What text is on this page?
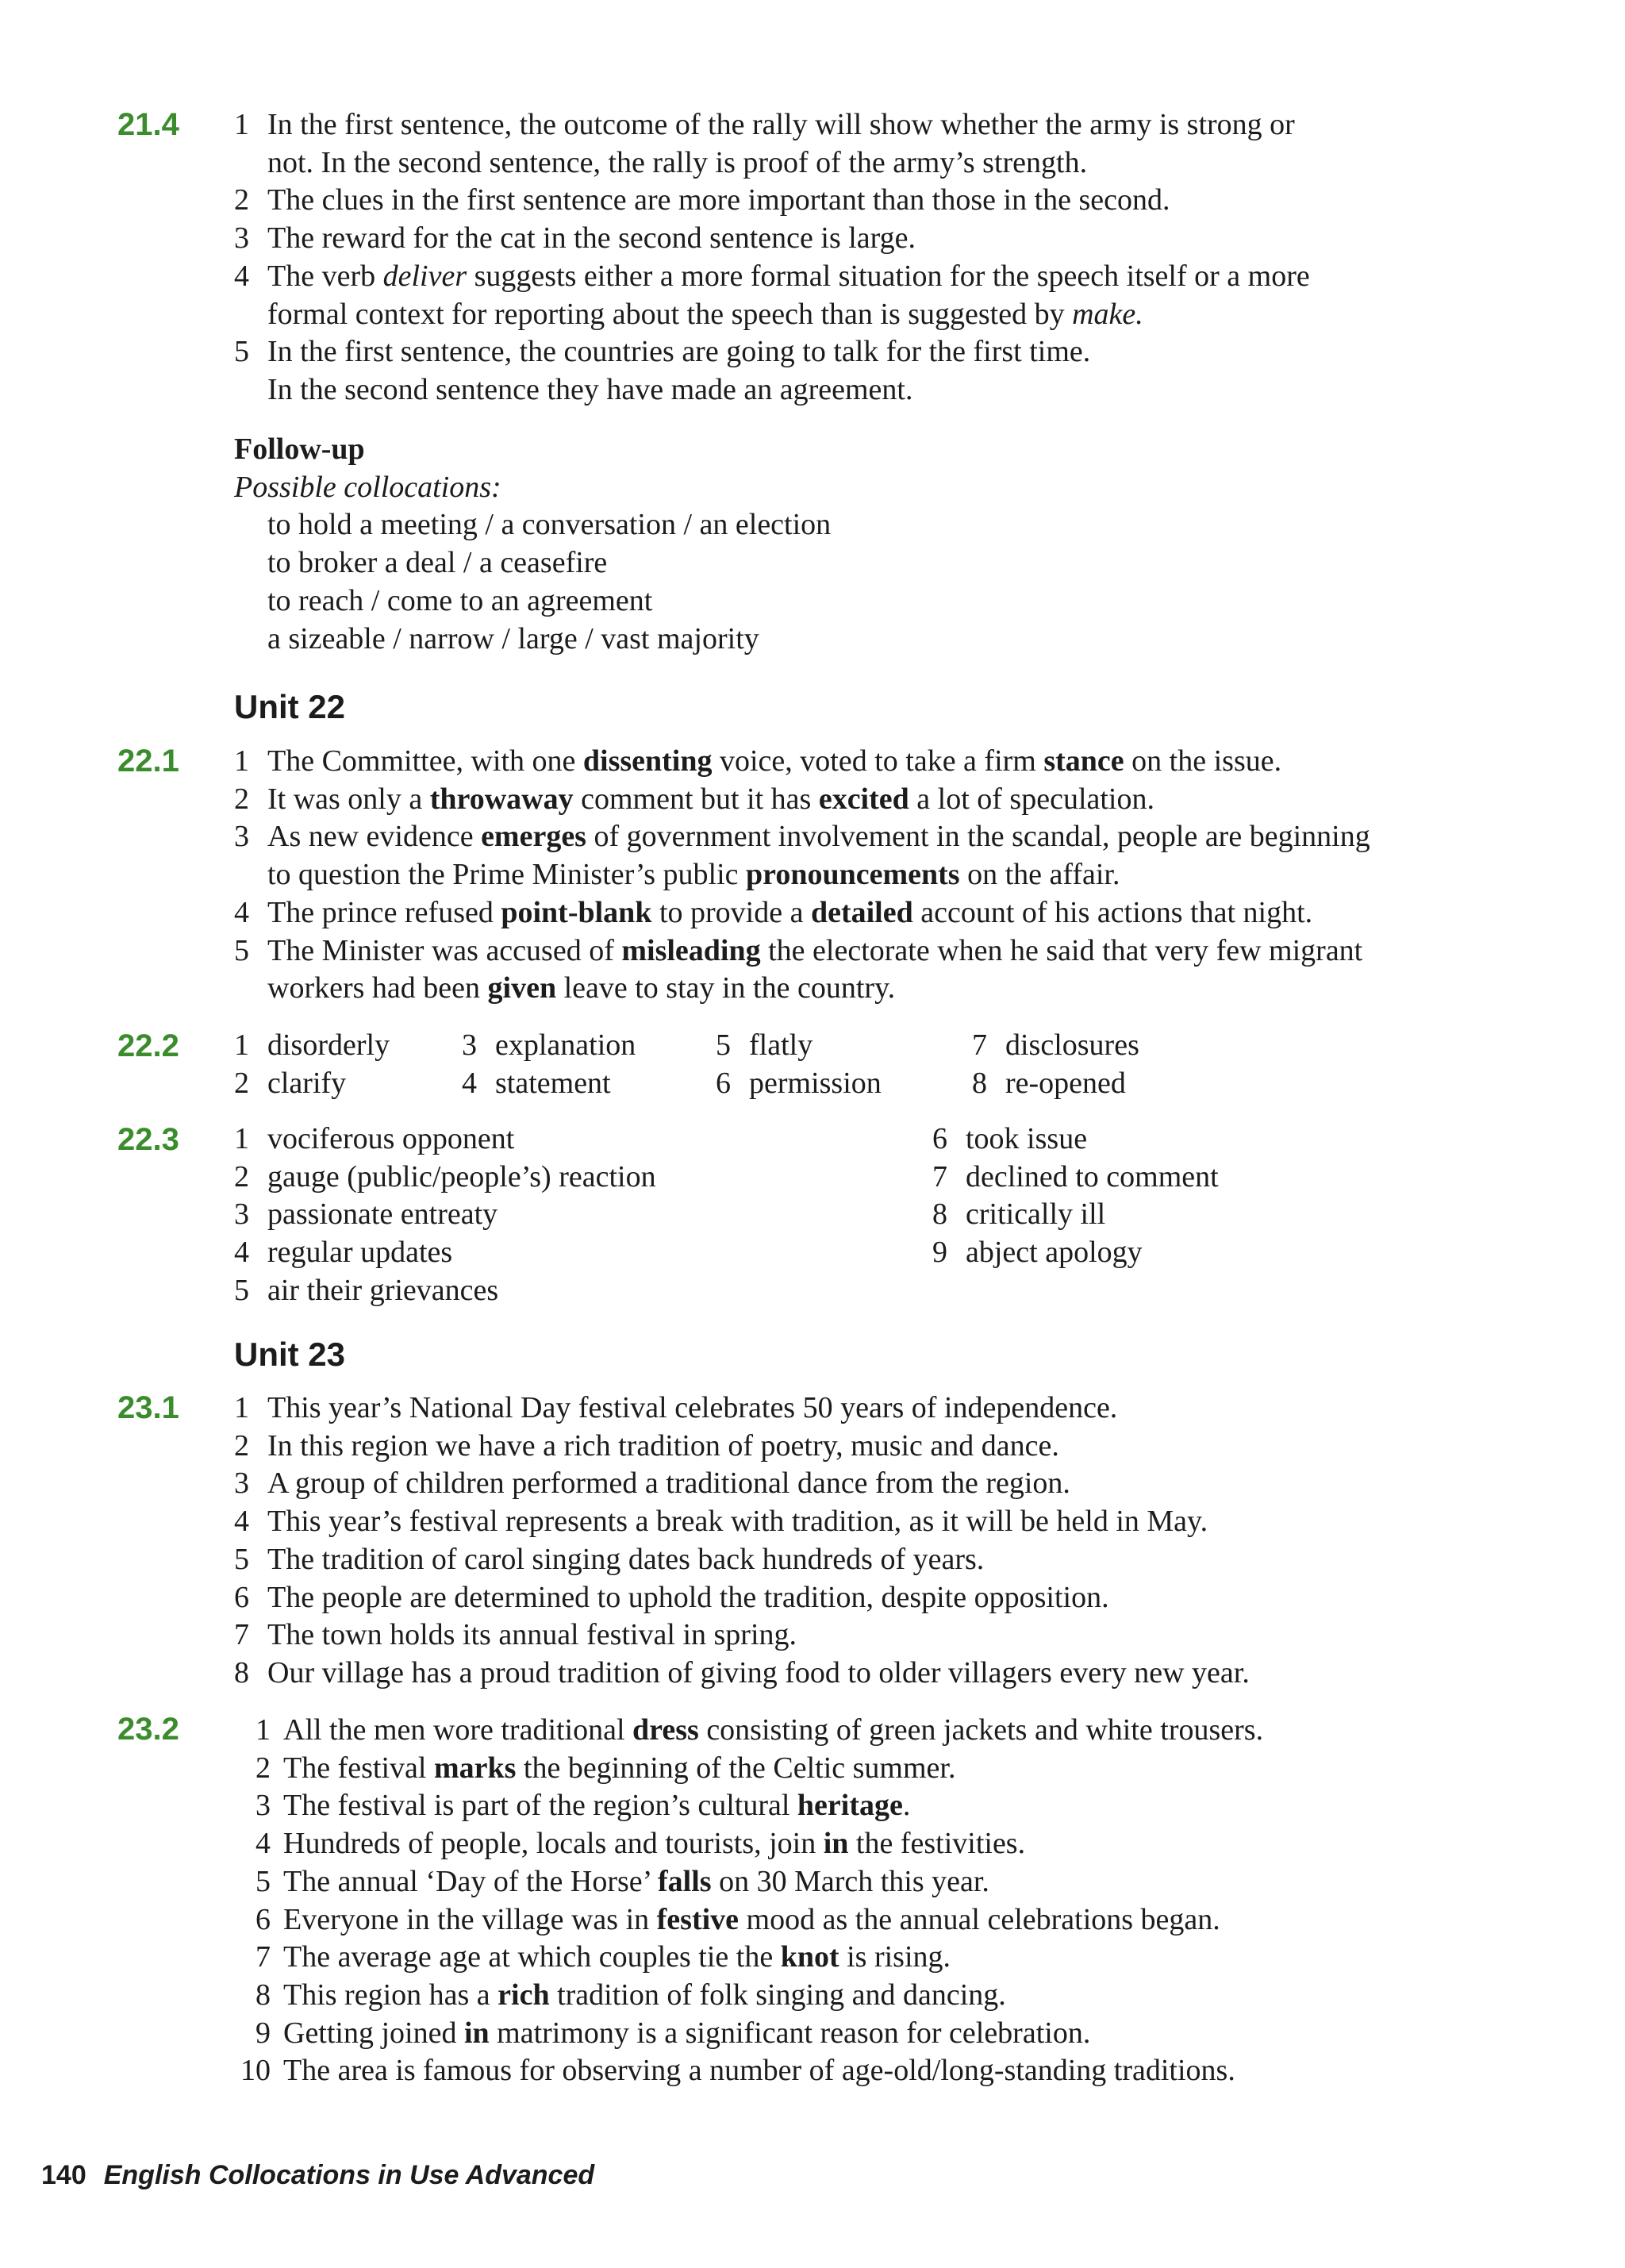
21.4	1 In the first sentence, the outcome of the rally will show whether the army is strong or
not. In the second sentence, the rally is proof of the army’s strength.
2 The clues in the first sentence are more important than those in the second.
3 The reward for the cat in the second sentence is large.
4 The verb deliver suggests either a more formal situation for the speech itself or a more
formal context for reporting about the speech than is suggested by make.
5 In the first sentence, the countries are going to talk for the first time.
In the second sentence they have made an agreement.
Follow-up
Possible collocations:
to hold a meeting / a conversation / an election
to broker a deal / a ceasefire
to reach / come to an agreement
a sizeable / narrow / large / vast majority
Unit 22
22.1	1 The Committee, with one dissenting voice, voted to take a firm stance on the issue.
2 It was only a throwaway comment but it has excited a lot of speculation.
3 As new evidence emerges of government involvement in the scandal, people are beginning
to question the Prime Minister’s public pronouncements on the affair.
4 The prince refused point-blank to provide a detailed account of his actions that night.
5 The Minister was accused of misleading the electorate when he said that very few migrant
workers had been given leave to stay in the country.
22.2	1 disorderly 3 explanation	5 flatly	7 disclosures
2 clarify	4 statement	6 permission	8 re-opened
22.3	1 vociferous opponent
2 gauge (public/people’s) reaction
3 passionate entreaty
4 regular updates
5 air their grievances
6 took issue
7 declined to comment
8 critically ill
9 abject apology
Unit 23
23.1	1 This year’s National Day festival celebrates 50 years of independence.
2 In this region we have a rich tradition of poetry, music and dance.
3 A group of children performed a traditional dance from the region.
4 This year’s festival represents a break with tradition, as it will be held in May.
5 The tradition of carol singing dates back hundreds of years.
6 The people are determined to uphold the tradition, despite opposition.
7 The town holds its annual festival in spring.
8 Our village has a proud tradition of giving food to older villagers every new year.
23.2	1 All the men wore traditional dress consisting of green jackets and white trousers.
2 The festival marks the beginning of the Celtic summer.
3 The festival is part of the region’s cultural heritage.
4 Hundreds of people, locals and tourists, join in the festivities.
5 The annual ‘Day of the Horse’ falls on 30 March this year.
6 Everyone in the village was in festive mood as the annual celebrations began.
7 The average age at which couples tie the knot is rising.
8 This region has a rich tradition of folk singing and dancing.
9 Getting joined in matrimony is a significant reason for celebration.
10 The area is famous for observing a number of age-old/long-standing traditions.
140 English Collocations in Use Advanced
